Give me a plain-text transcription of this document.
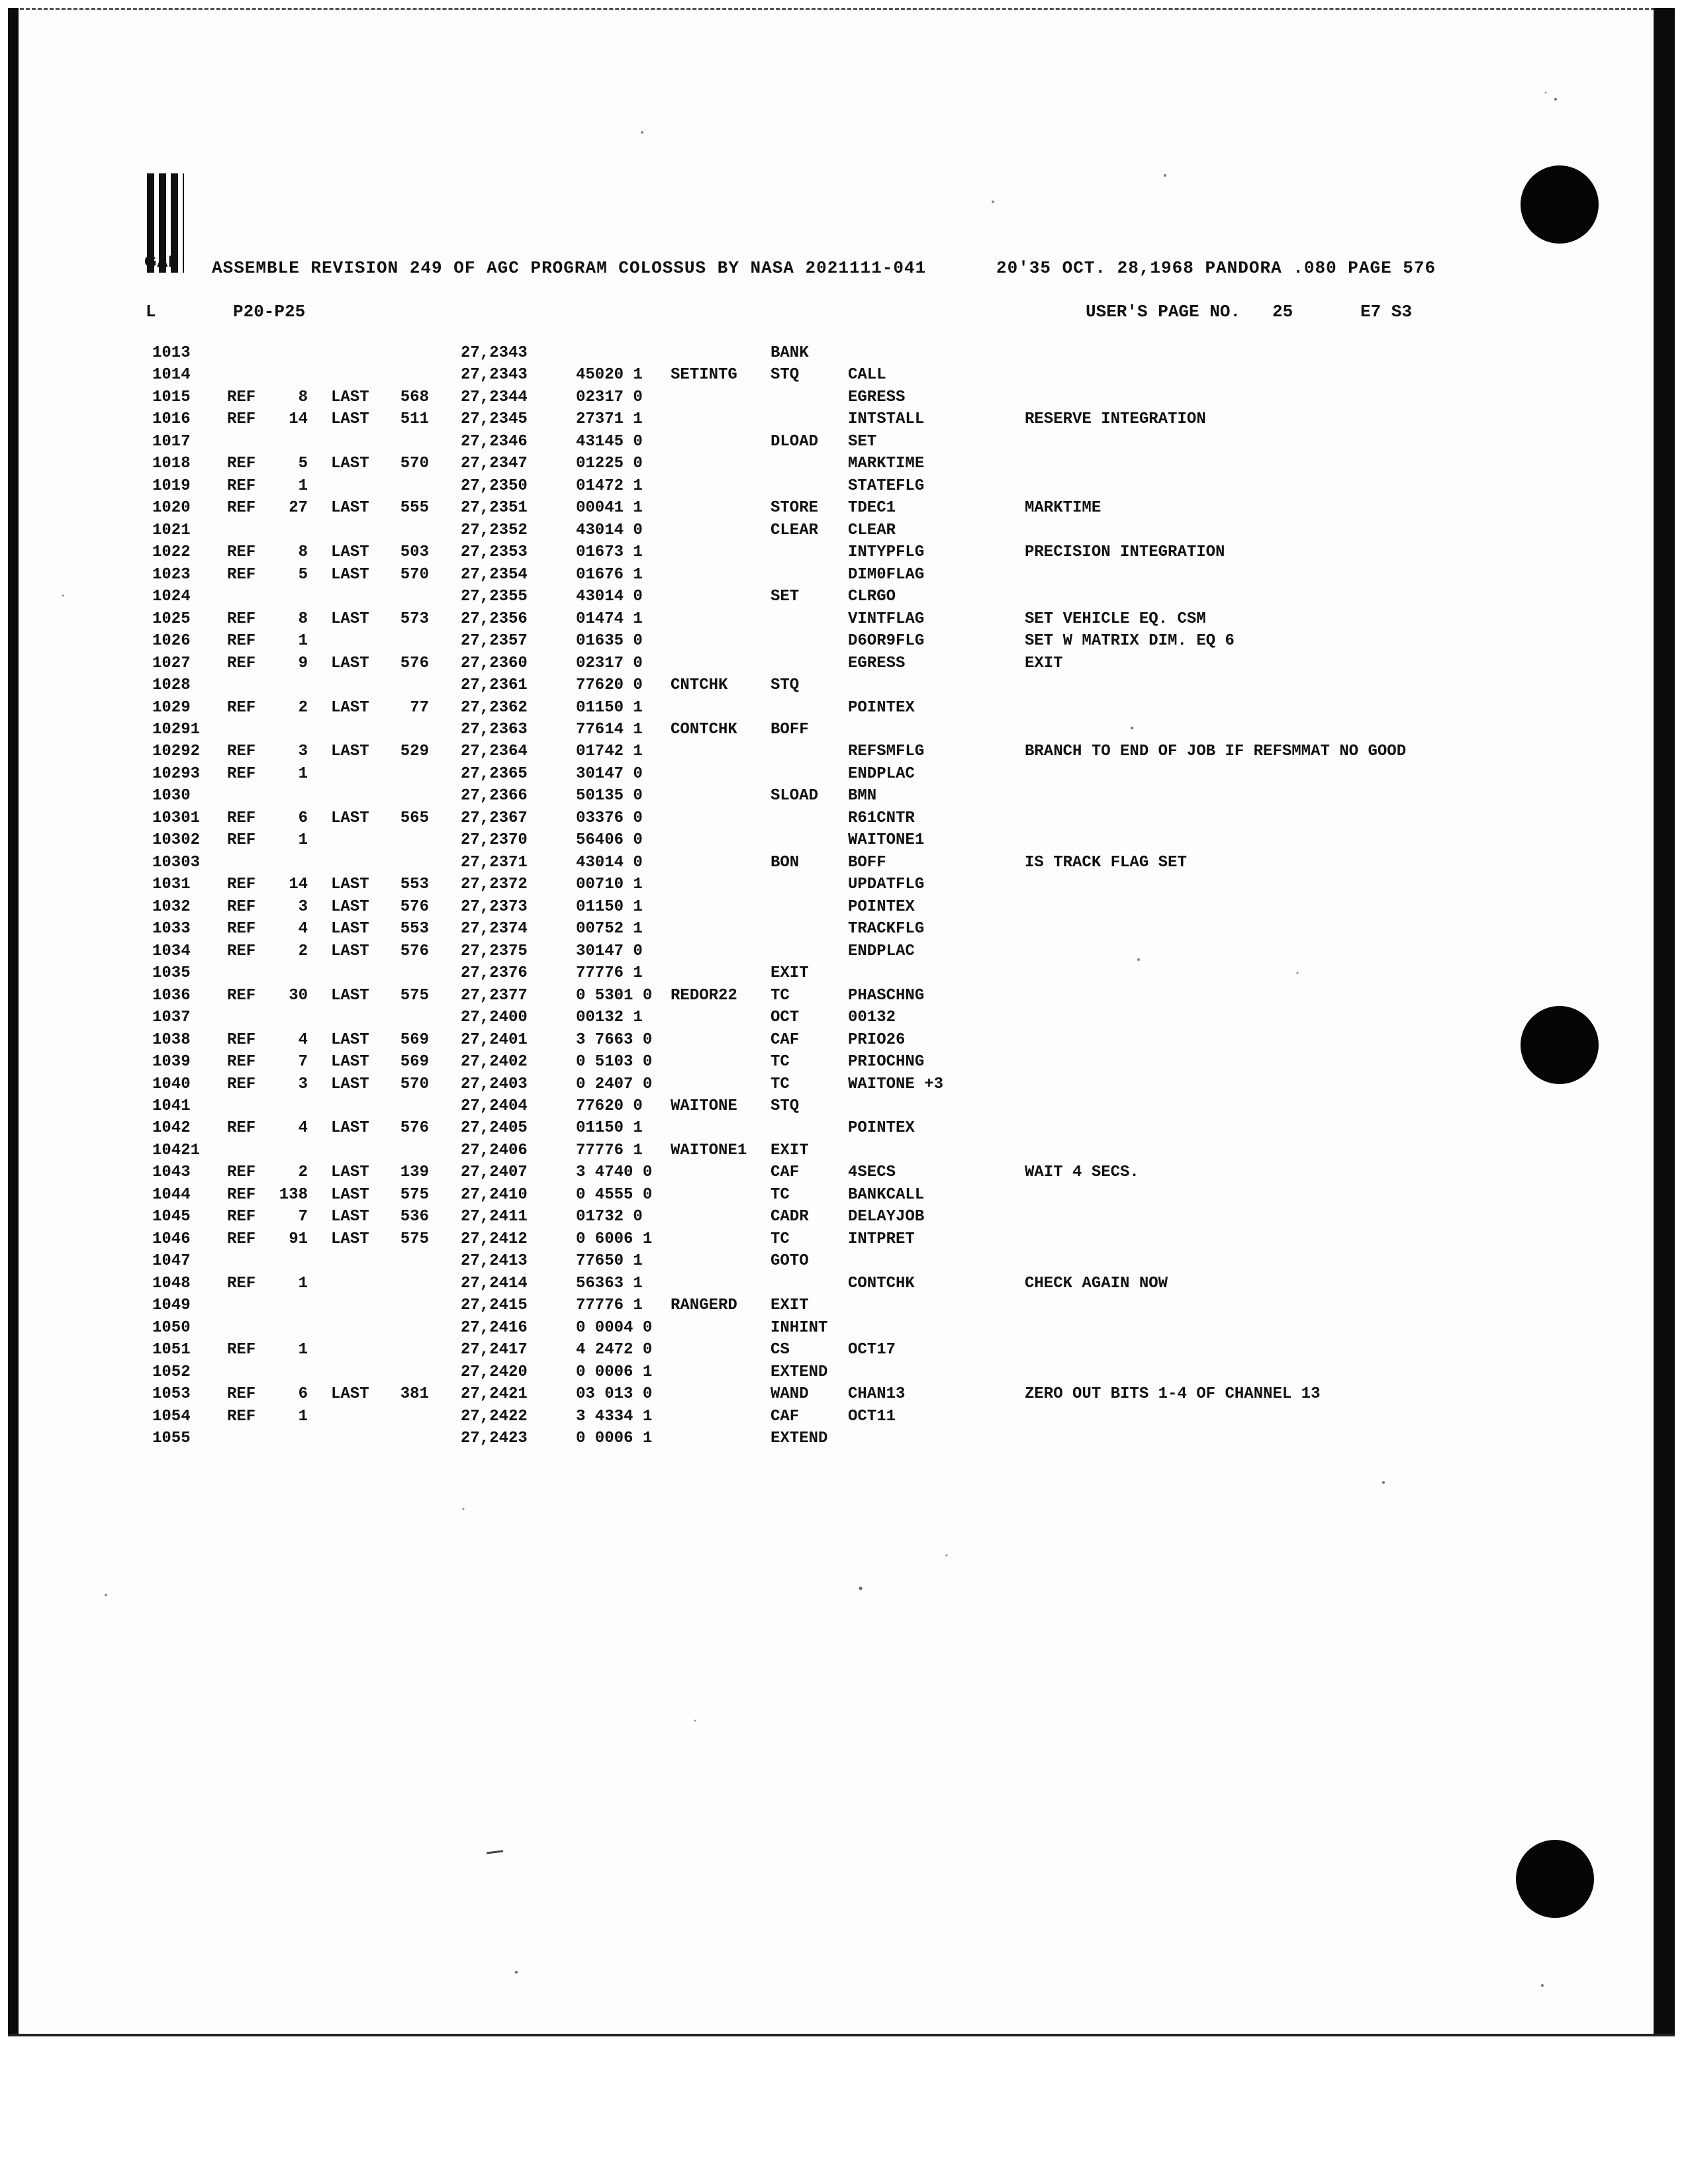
GAP ASSEMBLE REVISION 249 OF AGC PROGRAM COLOSSUS BY NASA 2021111-041	20'35 OCT. 28,1968 PANDORA .080 PAGE 576
L	P20-P25	USER'S PAGE NO. 25	E7 S3
1013	27,2343	BANK
1014	27,2343	45020 1 SETINTG STQ	CALL
1015 REF	8 LAST	568 27,2344	02317 0	EGRESS
1016 REF	14 LAST	511 27,2345	27371 1	INTSTALL	RESERVE INTEGRATION
1017	27,2346	43145 0	DLOAD SET
1018 REF	5 LAST	570 27,2347	01225 0	MARKTIME
1019 REF	1	27,2350	01472 1	STATEFLG
1020 REF	27 LAST	555 27,2351	00041 1	STORE TDEC1	MARKTIME
1021	27,2352	43014 0	CLEAR CLEAR
1022 REF	8 LAST	503 27,2353	01673 1	INTYPFLG	PRECISION INTEGRATION
1023 REF	5 LAST	570 27,2354	01676 1	DIM0FLAG
1024	27,2355	43014 0	SET	CLRGO
1025 REF	8 LAST	573 27,2356	01474 1	VINTFLAG	SET VEHICLE EQ. CSM
1026 REF	1	27,2357	01635 0	D6OR9FLG	SET W MATRIX DIM. EQ 6
1027 REF	9 LAST	576 27,2360	02317 0	EGRESS	EXIT
1028	27,2361	77620 0 CNTCHK	STQ
1029 REF	2 LAST	77 27,2362	01150 1	POINTEX
10291	27,2363	77614 1 CONTCHK BOFF
10292 REF	3 LAST	529 27,2364	01742 1	REFSMFLG	BRANCH TO END OF JOB IF REFSMMAT NO GOOD
10293 REF	1	27,2365	30147 0	ENDPLAC
1030	27,2366	50135 0	SLOAD BMN
10301 REF	6 LAST	565 27,2367	03376 0	R61CNTR
10302 REF	1	27,2370	56406 0	WAITONE1
10303	27,2371	43014 0	BON	BOFF	IS TRACK FLAG SET
1031 REF	14 LAST	553 27,2372	00710 1	UPDATFLG
1032 REF	3 LAST	576 27,2373	01150 1	POINTEX
1033 REF	4 LAST	553 27,2374	00752 1	TRACKFLG
1034 REF	2 LAST	576 27,2375	30147 0	ENDPLAC
1035	27,2376	77776 1	EXIT
1036 REF	30 LAST	575 27,2377	0 5301 0 REDOR22 TC	PHASCHNG
1037	27,2400	00132 1	OCT	00132
1038 REF	4 LAST	569 27,2401	3 7663 0	CAF	PRIO26
1039 REF	7 LAST	569 27,2402	0 5103 0	TC	PRIOCHNG
1040 REF	3 LAST	570 27,2403	0 2407 0	TC	WAITONE +3
1041	27,2404	77620 0 WAITONE STQ
1042 REF	4 LAST	576 27,2405	01150 1	POINTEX
10421	27,2406	77776 1 WAITONE1 EXIT
1043 REF	2 LAST	139 27,2407	3 4740 0	CAF	4SECS	WAIT 4 SECS.
1044 REF 138 LAST	575 27,2410	0 4555 0	TC	BANKCALL
1045 REF	7 LAST	536 27,2411	01732 0	CADR DELAYJOB
1046 REF	91 LAST	575 27,2412	0 6006 1	TC	INTPRET
1047	27,2413	77650 1	GOTO
1048 REF	1	27,2414	56363 1	CONTCHK	CHECK AGAIN NOW
1049	27,2415	77776 1 RANGERD EXIT
1050	27,2416	0 0004 0	INHINT
1051 REF	1	27,2417	4 2472 0	CS	OCT17
1052	27,2420	0 0006 1	EXTEND
1053 REF	6 LAST	381 27,2421	03 013 0	WAND CHAN13	ZERO OUT BITS 1-4 OF CHANNEL 13
1054 REF	1	27,2422	3 4334 1	CAF	OCT11
1055	27,2423	0 0006 1	EXTEND
